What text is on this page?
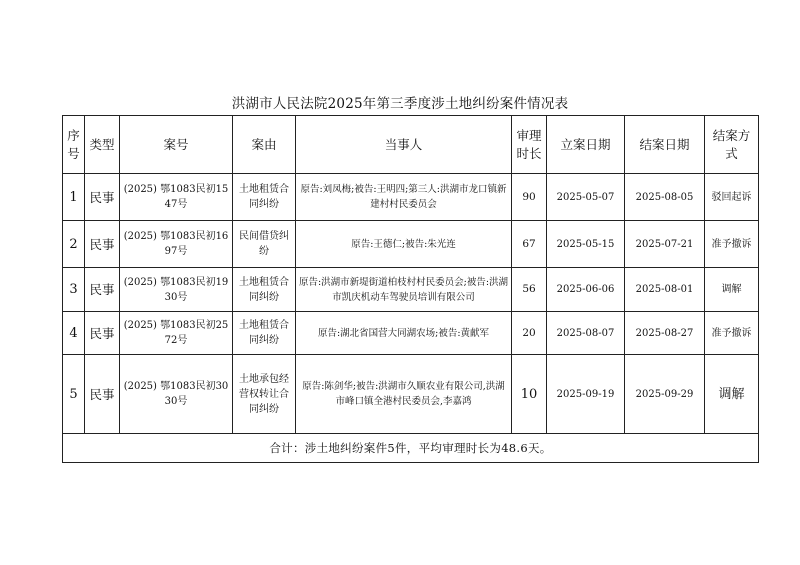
洪湖市人民法院2025年第三季度涉土地纠纷案件情况表
序号	类型	案号	案由	当事人	审理时长	立案日期	结案日期	结案方式

1	民事	(2025) 鄂1083民初1547号	土地租赁合同纠纷	原告:刘凤梅;被告:王明四;第三人:洪湖市龙口镇新建村村民委员会	90	2025-05-07	2025-08-05	驳回起诉
2	民事	(2025) 鄂1083民初1697号	民间借贷纠纷	原告:王德仁;被告:朱光连	67	2025-05-15	2025-07-21	准予撤诉
3	民事	(2025) 鄂1083民初1930号	土地租赁合同纠纷	原告:洪湖市新堤街道柏枝村村民委员会;被告:洪湖市凯庆机动车驾驶员培训有限公司	56	2025-06-06	2025-08-01	调解
4	民事	(2025) 鄂1083民初2572号	土地租赁合同纠纷	原告:湖北省国营大同湖农场;被告:黄献军	20	2025-08-07	2025-08-27	准予撤诉
5	民事	(2025) 鄂1083民初3030号	土地承包经营权转让合同纠纷	原告:陈剑华;被告:洪湖市久顺农业有限公司,洪湖市峰口镇全港村民委员会,李嘉鸿	10	2025-09-19	2025-09-29	调解
合计：涉土地纠纷案件5件，平均审理时长为48.6天。								
